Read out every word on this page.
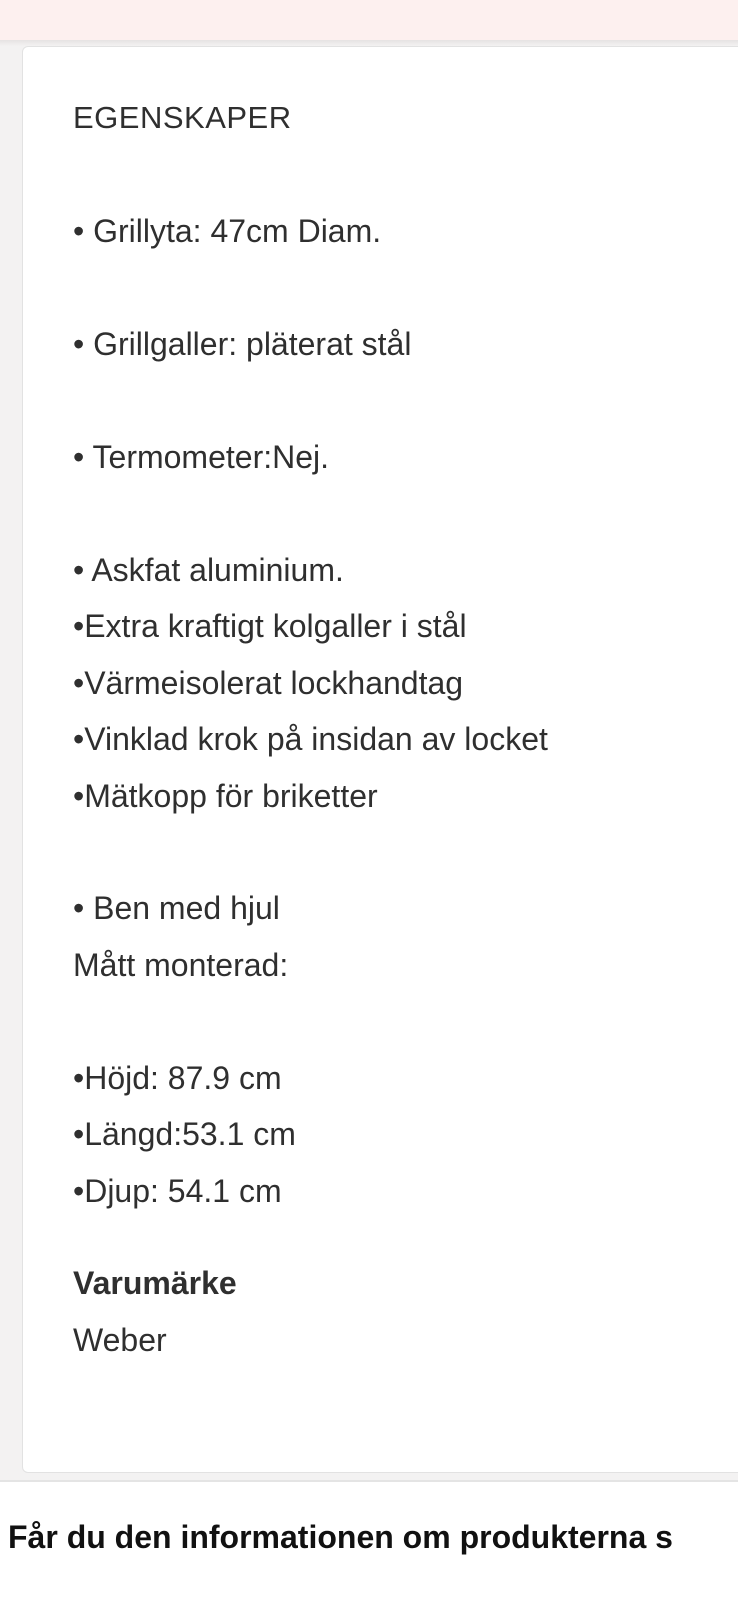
EGENSKAPER
• Grillyta: 47cm Diam.
• Grillgaller: pläterat stål
• Termometer:Nej.
• Askfat aluminium.
•Extra kraftigt kolgaller i stål
•Värmeisolerat lockhandtag
•Vinklad krok på insidan av locket
•Mätkopp för briketter
• Ben med hjul
Mått monterad:
•Höjd: 87.9 cm
•Längd:53.1 cm
•Djup: 54.1 cm
Varumärke
Weber
Får du den informationen om produkterna s
